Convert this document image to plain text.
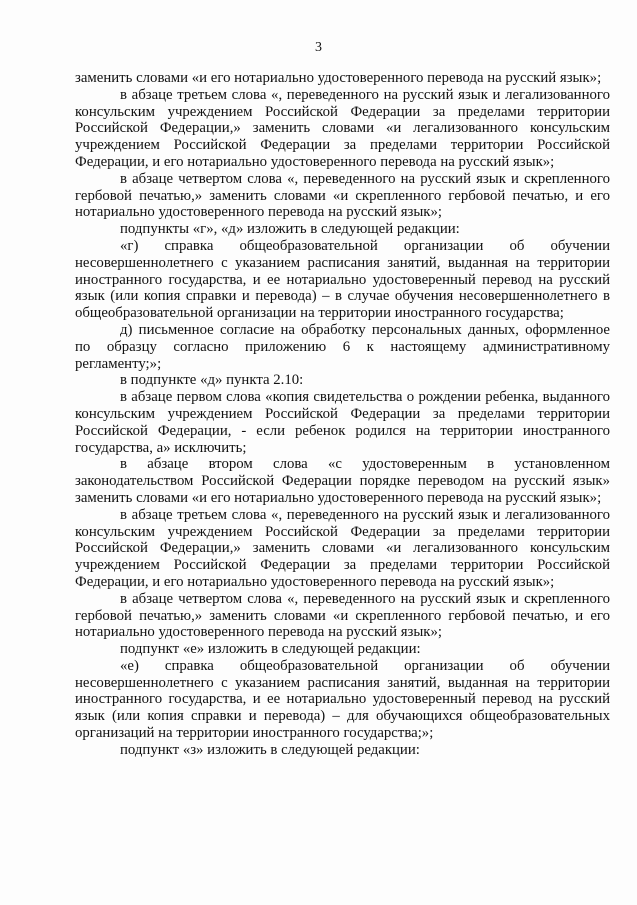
3

заменить словами «и его нотариально удостоверенного перевода на русский язык»;

в абзаце третьем слова «, переведенного на русский язык и легализованного консульским учреждением Российской Федерации за пределами территории Российской Федерации,» заменить словами «и легализованного консульским учреждением Российской Федерации за пределами территории Российской Федерации, и его нотариально удостоверенного перевода на русский язык»;

в абзаце четвертом слова «, переведенного на русский язык и скрепленного гербовой печатью,» заменить словами «и скрепленного гербовой печатью, и его нотариально удостоверенного перевода на русский язык»;

подпункты «г», «д» изложить в следующей редакции:

«г) справка общеобразовательной организации об обучении несовершеннолетнего с указанием расписания занятий, выданная на территории иностранного государства, и ее нотариально удостоверенный перевод на русский язык (или копия справки и перевода) – в случае обучения несовершеннолетнего в общеобразовательной организации на территории иностранного государства;

д) письменное согласие на обработку персональных данных, оформленное по образцу согласно приложению 6 к настоящему административному регламенту;»;

в подпункте «д» пункта 2.10:

в абзаце первом слова «копия свидетельства о рождении ребенка, выданного консульским учреждением Российской Федерации за пределами территории Российской Федерации, - если ребенок родился на территории иностранного государства, а» исключить;

в абзаце втором слова «с удостоверенным в установленном законодательством Российской Федерации порядке переводом на русский язык» заменить словами «и его нотариально удостоверенного перевода на русский язык»;

в абзаце третьем слова «, переведенного на русский язык и легализованного консульским учреждением Российской Федерации за пределами территории Российской Федерации,» заменить словами «и легализованного консульским учреждением Российской Федерации за пределами территории Российской Федерации, и его нотариально удостоверенного перевода на русский язык»;

в абзаце четвертом слова «, переведенного на русский язык и скрепленного гербовой печатью,» заменить словами «и скрепленного гербовой печатью, и его нотариально удостоверенного перевода на русский язык»;

подпункт «е» изложить в следующей редакции:

«е) справка общеобразовательной организации об обучении несовершеннолетнего с указанием расписания занятий, выданная на территории иностранного государства, и ее нотариально удостоверенный перевод на русский язык (или копия справки и перевода) – для обучающихся общеобразовательных организаций на территории иностранного государства;»;

подпункт «з» изложить в следующей редакции:
